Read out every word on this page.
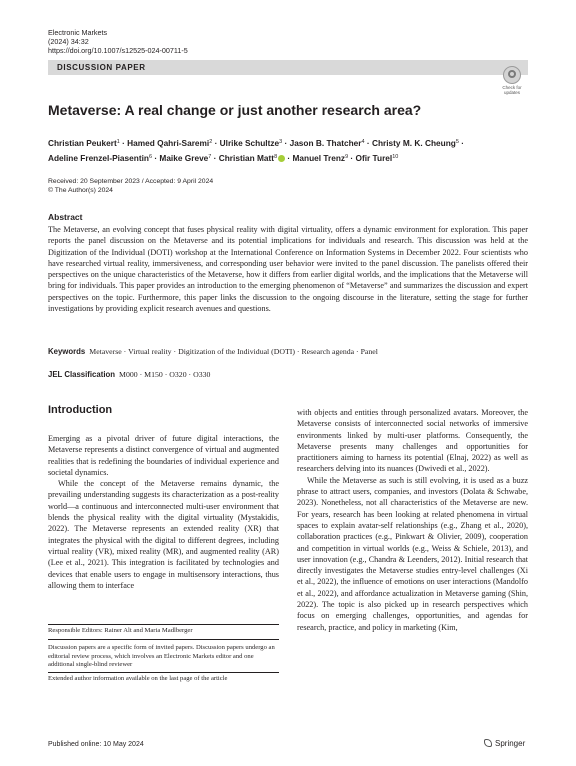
Electronic Markets
(2024) 34:32
https://doi.org/10.1007/s12525-024-00711-5
DISCUSSION PAPER
Check for
updates
Metaverse: A real change or just another research area?
Christian Peukert$^1$ · Hamed Qahri-Saremi$^2$ · Ulrike Schultze$^3$ · Jason B. Thatcher$^4$ · Christy M. K. Cheung$^5$ ·
Adeline Frenzel-Piasentin$^6$ · Maike Greve$^7$ · Christian Matt$^8$ · Manuel Trenz$^9$ · Ofir Turel$^{10}$
Received: 20 September 2023 / Accepted: 9 April 2024
© The Author(s) 2024
Abstract
The Metaverse, an evolving concept that fuses physical reality with digital virtuality, offers a dynamic environment for exploration. This paper reports the panel discussion on the Metaverse and its potential implications for individuals and research. This discussion was held at the Digitization of the Individual (DOTI) workshop at the International Conference on Information Systems in December 2022. Four scientists who have researched virtual reality, immersiveness, and corresponding user behavior were invited to the panel discussion. The panelists offered their perspectives on the unique characteristics of the Metaverse, how it differs from earlier digital worlds, and the implications that the Metaverse will bring for individuals. This paper provides an introduction to the emerging phenomenon of “Metaverse” and summarizes the discussion and expert perspectives on the topic. Furthermore, this paper links the discussion to the ongoing discourse in the literature, setting the stage for further investigations by providing explicit research avenues and questions.
Keywords Metaverse · Virtual reality · Digitization of the Individual (DOTI) · Research agenda · Panel
JEL Classification M000 · M150 · O320 · O330
Introduction

Emerging as a pivotal driver of future digital interactions, the Metaverse represents a distinct convergence of virtual and augmented realities that is redefining the boundaries of individual experience and societal dynamics.

While the concept of the Metaverse remains dynamic, the prevailing understanding suggests its characterization as a post-reality world—a continuous and interconnected multi-user environment that blends the physical reality with the digital virtuality (Mystakidis, 2022). The Metaverse represents an extended reality (XR) that integrates the physical with the digital to different degrees, including virtual reality (VR), mixed reality (MR), and augmented reality (AR) (Lee et al., 2021). This integration is facilitated by technologies and devices that enable users to engage in multisensory interactions, thus allowing them to interface

Responsible Editors: Rainer Alt and Maria Madlberger
Discussion papers are a specific form of invited papers. Discussion papers undergo an editorial review process, which involves an Electronic Markets editor and one additional single-blind reviewer
Extended author information available on the last page of the article

with objects and entities through personalized avatars. Moreover, the Metaverse consists of interconnected social networks of immersive environments linked by multi-user platforms. Consequently, the Metaverse presents many challenges and opportunities for practitioners aiming to harness its potential (Elnaj, 2022) as well as researchers delving into its nuances (Dwivedi et al., 2022).

While the Metaverse as such is still evolving, it is used as a buzz phrase to attract users, companies, and investors (Dolata & Schwabe, 2023). Nonetheless, not all characteristics of the Metaverse are new. For years, research has been looking at related phenomena in virtual spaces to explain avatar-self relationships (e.g., Zhang et al., 2020), collaboration practices (e.g., Pinkwart & Olivier, 2009), cooperation and competition in virtual worlds (e.g., Weiss & Schiele, 2013), and user innovation (e.g., Chandra & Leenders, 2012). Initial research that directly investigates the Metaverse studies entry-level challenges (Xi et al., 2022), the influence of emotions on user interactions (Mandolfo et al., 2022), and affordance actualization in Metaverse gaming (Shin, 2022). The topic is also picked up in research perspectives which focus on emerging challenges, opportunities, and agendas for research, practice, and policy in marketing (Kim,

Published online: 10 May 2024	Springer
